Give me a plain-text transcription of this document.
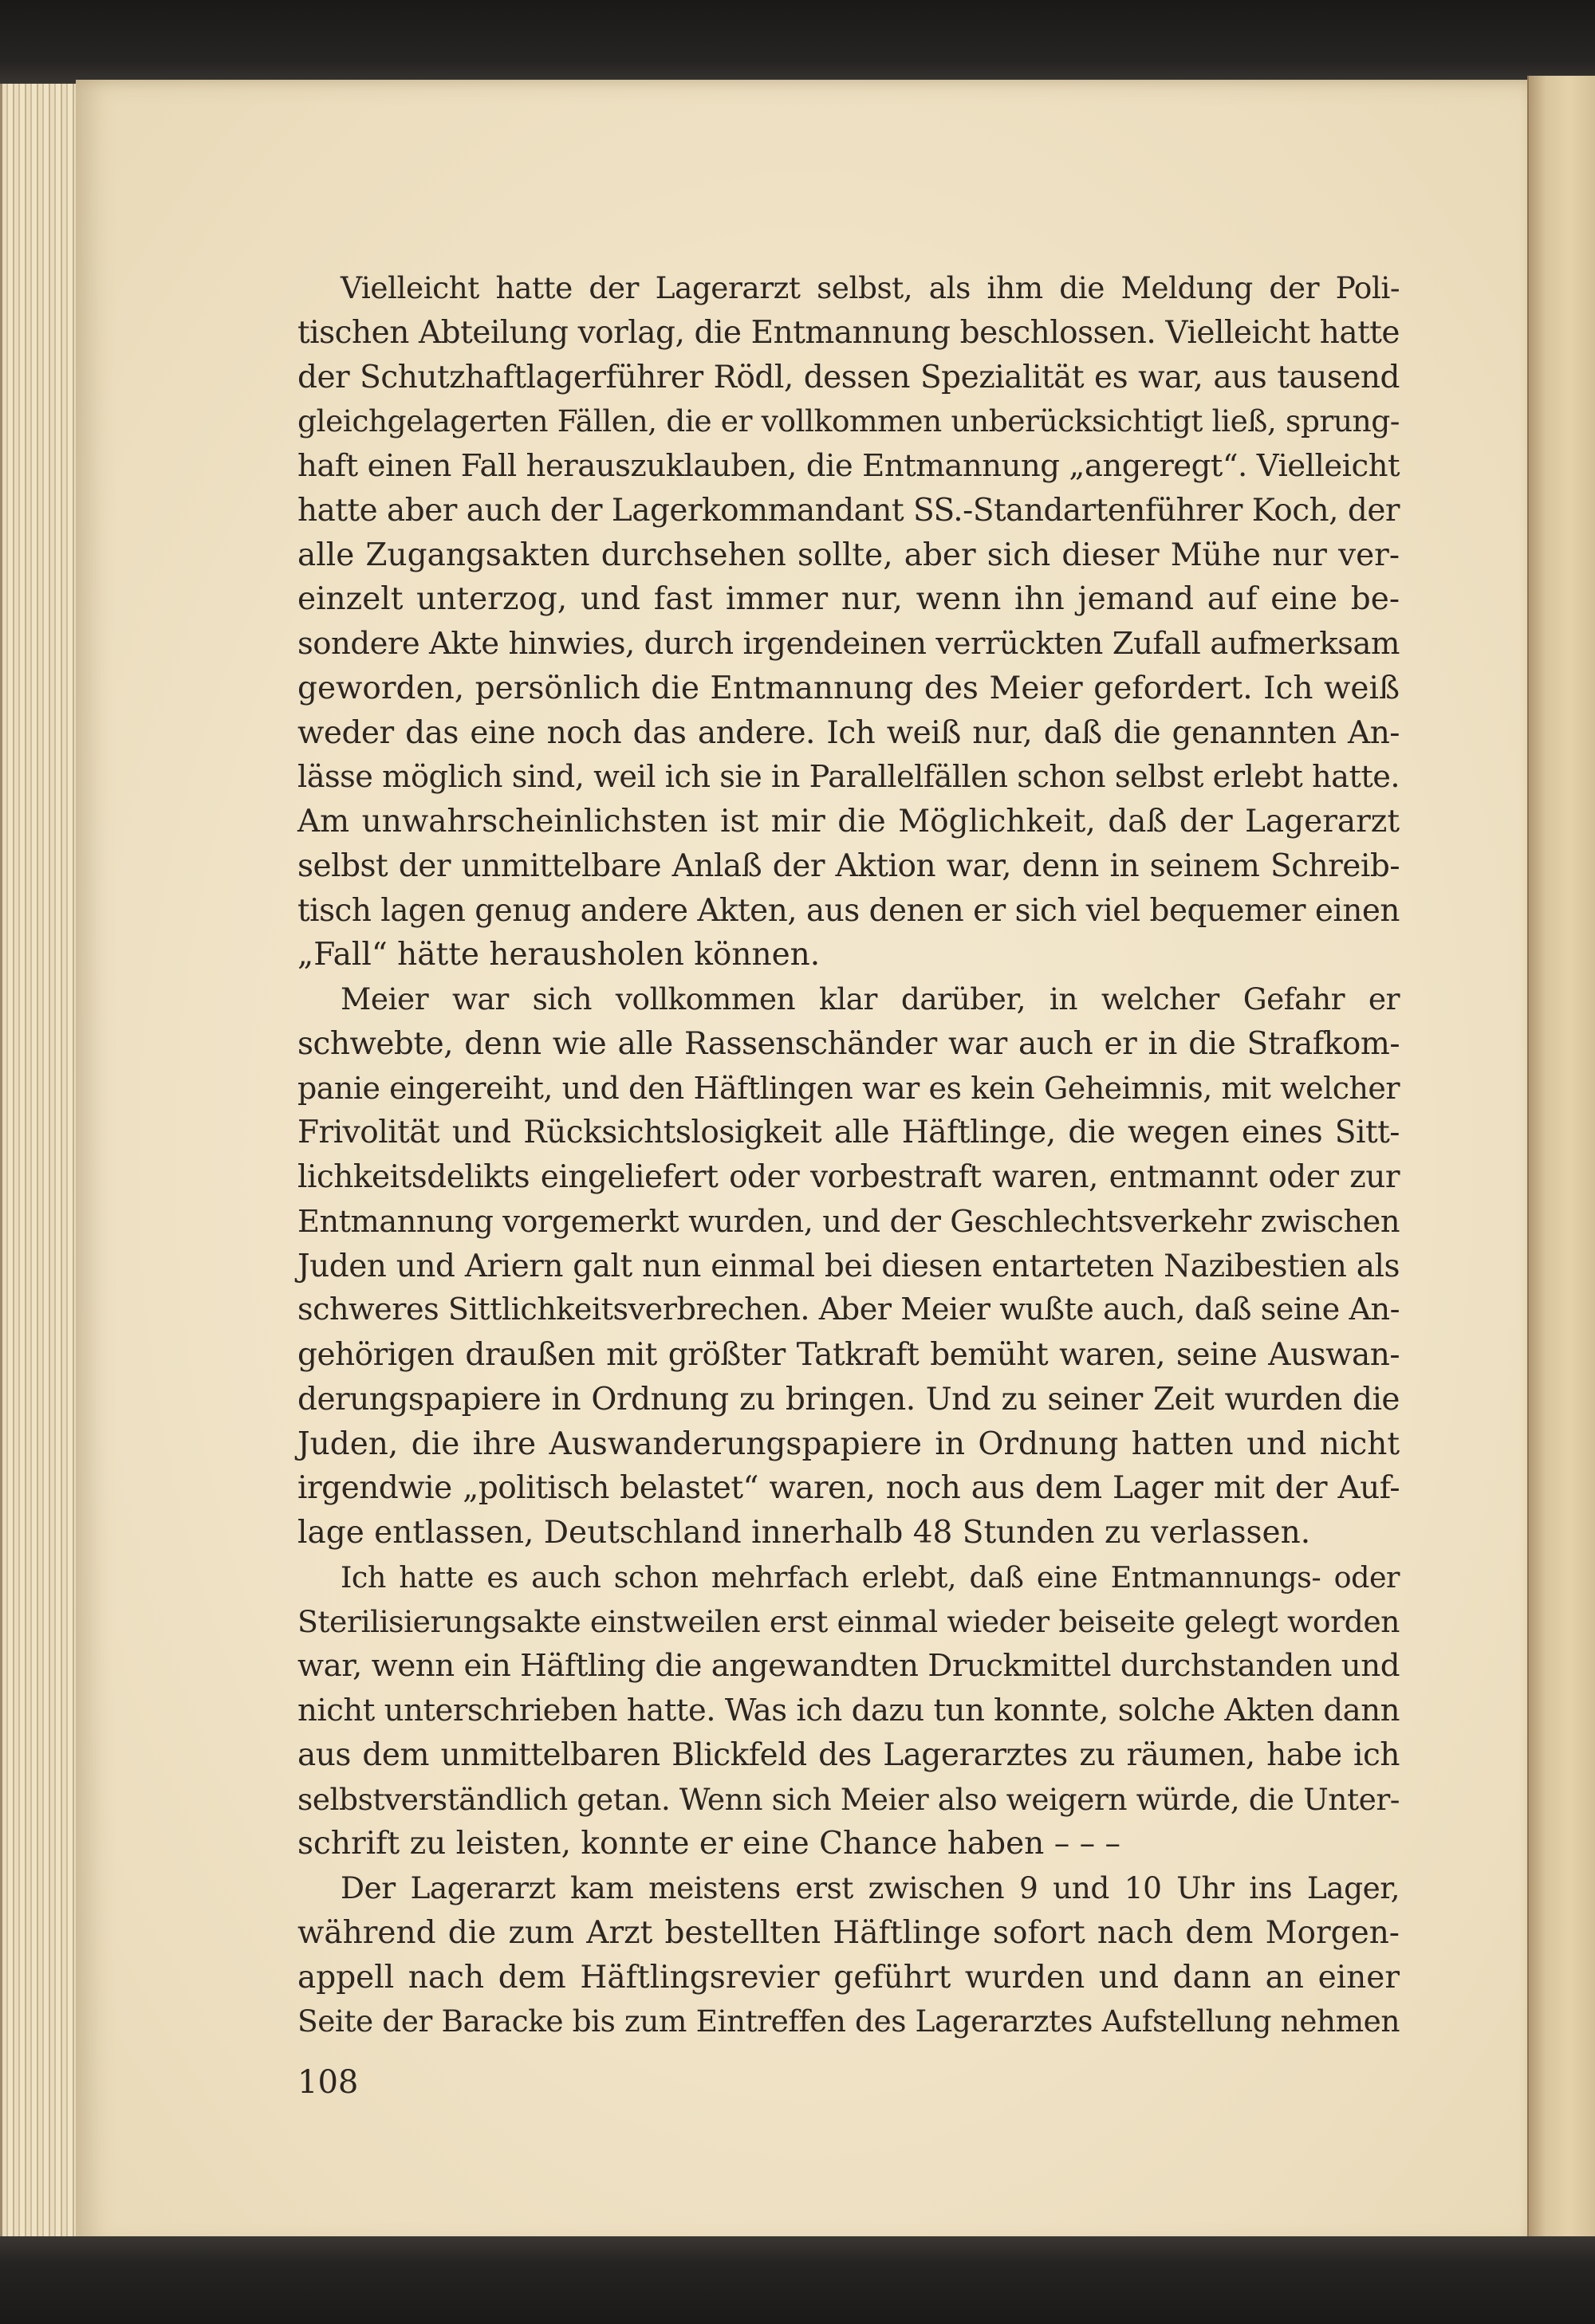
Vielleicht hatte der Lagerarzt selbst, als ihm die Meldung der Poli-
tischen Abteilung vorlag, die Entmannung beschlossen. Vielleicht hatte
der Schutzhaftlagerführer Rödl, dessen Spezialität es war, aus tausend
gleichgelagerten Fällen, die er vollkommen unberücksichtigt ließ, sprung-
haft einen Fall herauszuklauben, die Entmannung „angeregt“. Vielleicht
hatte aber auch der Lagerkommandant SS.-Standartenführer Koch, der
alle Zugangsakten durchsehen sollte, aber sich dieser Mühe nur ver-
einzelt unterzog, und fast immer nur, wenn ihn jemand auf eine be-
sondere Akte hinwies, durch irgendeinen verrückten Zufall aufmerksam
geworden, persönlich die Entmannung des Meier gefordert. Ich weiß
weder das eine noch das andere. Ich weiß nur, daß die genannten An-
lässe möglich sind, weil ich sie in Parallelfällen schon selbst erlebt hatte.
Am unwahrscheinlichsten ist mir die Möglichkeit, daß der Lagerarzt
selbst der unmittelbare Anlaß der Aktion war, denn in seinem Schreib-
tisch lagen genug andere Akten, aus denen er sich viel bequemer einen
„Fall“ hätte herausholen können.
Meier war sich vollkommen klar darüber, in welcher Gefahr er
schwebte, denn wie alle Rassenschänder war auch er in die Strafkom-
panie eingereiht, und den Häftlingen war es kein Geheimnis, mit welcher
Frivolität und Rücksichtslosigkeit alle Häftlinge, die wegen eines Sitt-
lichkeitsdelikts eingeliefert oder vorbestraft waren, entmannt oder zur
Entmannung vorgemerkt wurden, und der Geschlechtsverkehr zwischen
Juden und Ariern galt nun einmal bei diesen entarteten Nazibestien als
schweres Sittlichkeitsverbrechen. Aber Meier wußte auch, daß seine An-
gehörigen draußen mit größter Tatkraft bemüht waren, seine Auswan-
derungspapiere in Ordnung zu bringen. Und zu seiner Zeit wurden die
Juden, die ihre Auswanderungspapiere in Ordnung hatten und nicht
irgendwie „politisch belastet“ waren, noch aus dem Lager mit der Auf-
lage entlassen, Deutschland innerhalb 48 Stunden zu verlassen.
Ich hatte es auch schon mehrfach erlebt, daß eine Entmannungs- oder
Sterilisierungsakte einstweilen erst einmal wieder beiseite gelegt worden
war, wenn ein Häftling die angewandten Druckmittel durchstanden und
nicht unterschrieben hatte. Was ich dazu tun konnte, solche Akten dann
aus dem unmittelbaren Blickfeld des Lagerarztes zu räumen, habe ich
selbstverständlich getan. Wenn sich Meier also weigern würde, die Unter-
schrift zu leisten, konnte er eine Chance haben – – –
Der Lagerarzt kam meistens erst zwischen 9 und 10 Uhr ins Lager,
während die zum Arzt bestellten Häftlinge sofort nach dem Morgen-
appell nach dem Häftlingsrevier geführt wurden und dann an einer
Seite der Baracke bis zum Eintreffen des Lagerarztes Aufstellung nehmen
108
